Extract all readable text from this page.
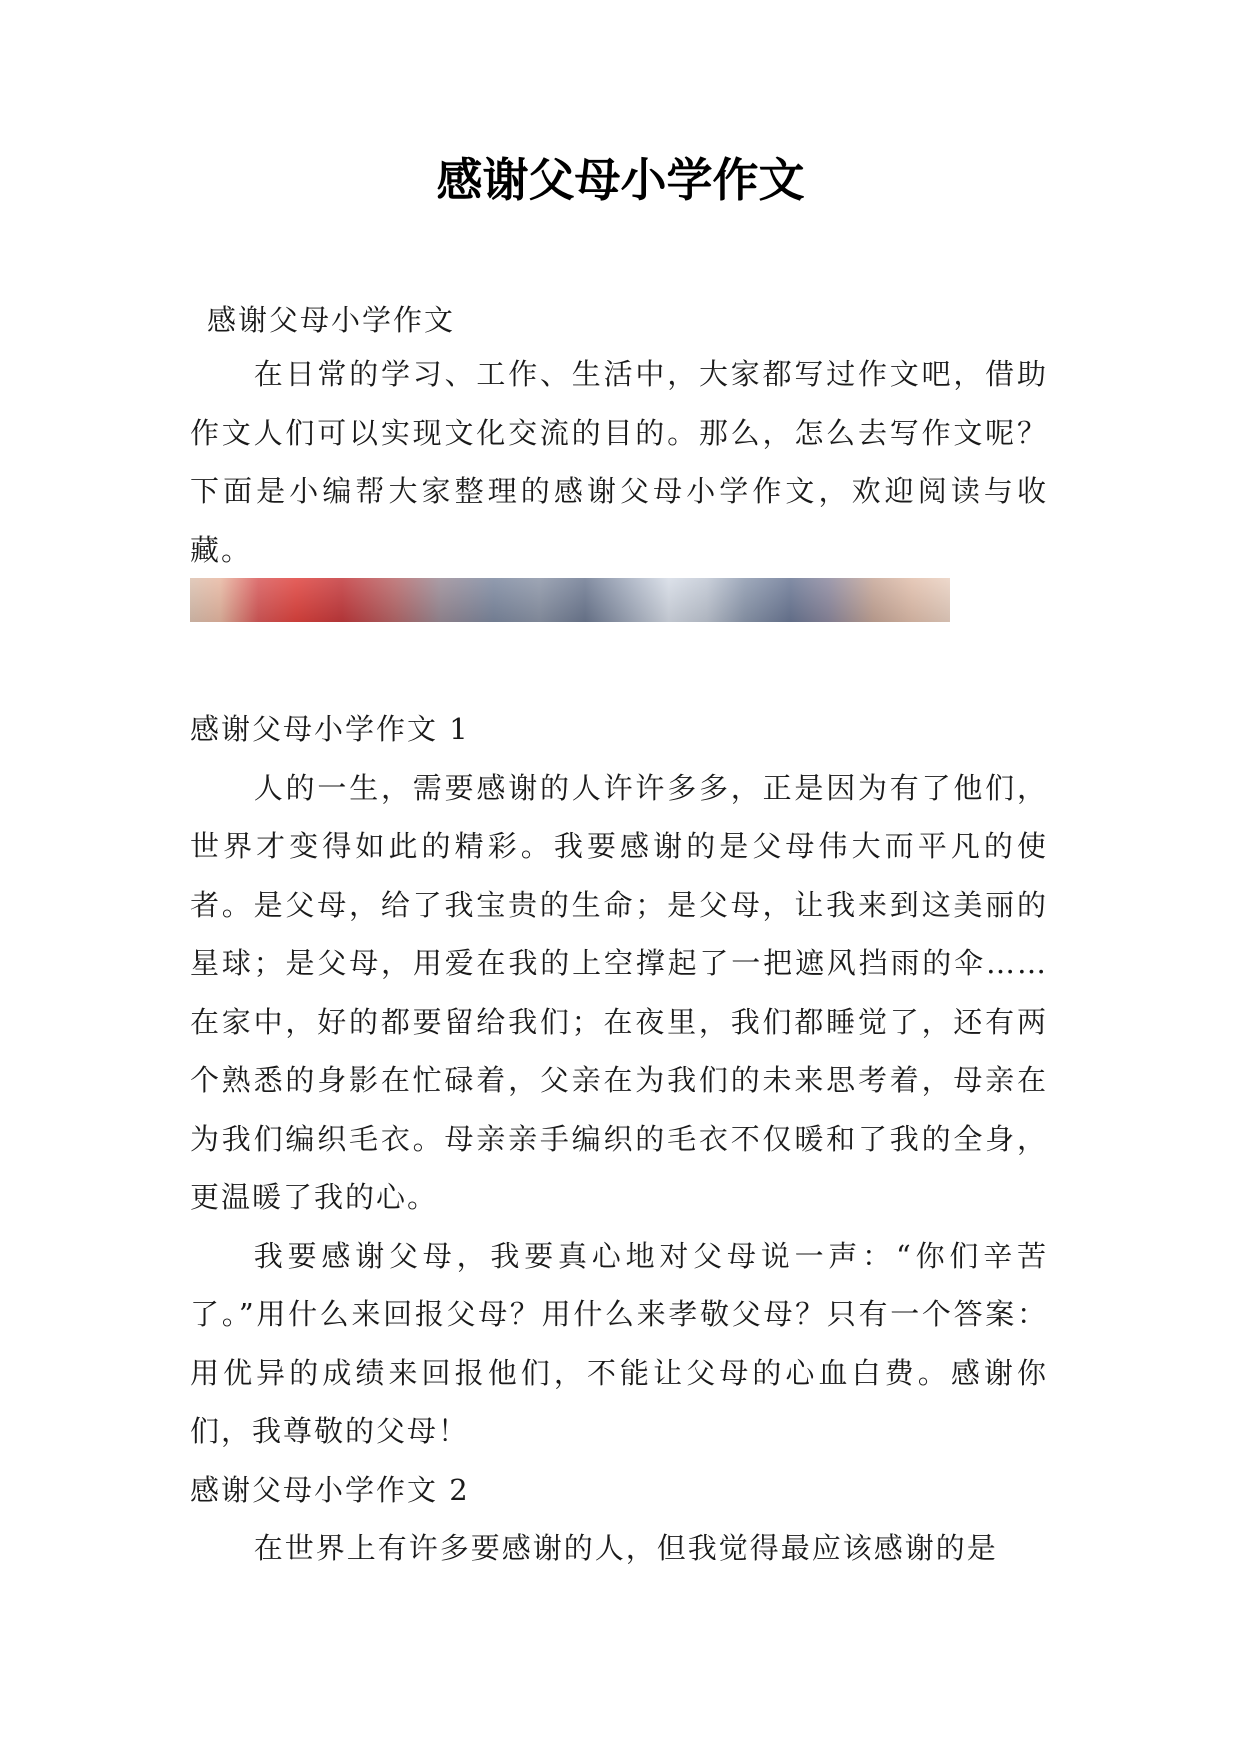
感谢父母小学作文
感谢父母小学作文

在日常的学习、工作、生活中，大家都写过作文吧，借助作文人们可以实现文化交流的目的。那么，怎么去写作文呢？下面是小编帮大家整理的感谢父母小学作文，欢迎阅读与收藏。

感谢父母小学作文 1

人的一生，需要感谢的人许许多多，正是因为有了他们，世界才变得如此的精彩。我要感谢的是父母伟大而平凡的使者。是父母，给了我宝贵的生命；是父母，让我来到这美丽的星球；是父母，用爱在我的上空撑起了一把遮风挡雨的伞……在家中，好的都要留给我们；在夜里，我们都睡觉了，还有两个熟悉的身影在忙碌着，父亲在为我们的未来思考着，母亲在为我们编织毛衣。母亲亲手编织的毛衣不仅暖和了我的全身，更温暖了我的心。

我要感谢父母，我要真心地对父母说一声：“你们辛苦了。”用什么来回报父母？用什么来孝敬父母？只有一个答案：用优异的成绩来回报他们，不能让父母的心血白费。感谢你们，我尊敬的父母！

感谢父母小学作文 2

在世界上有许多要感谢的人，但我觉得最应该感谢的是
